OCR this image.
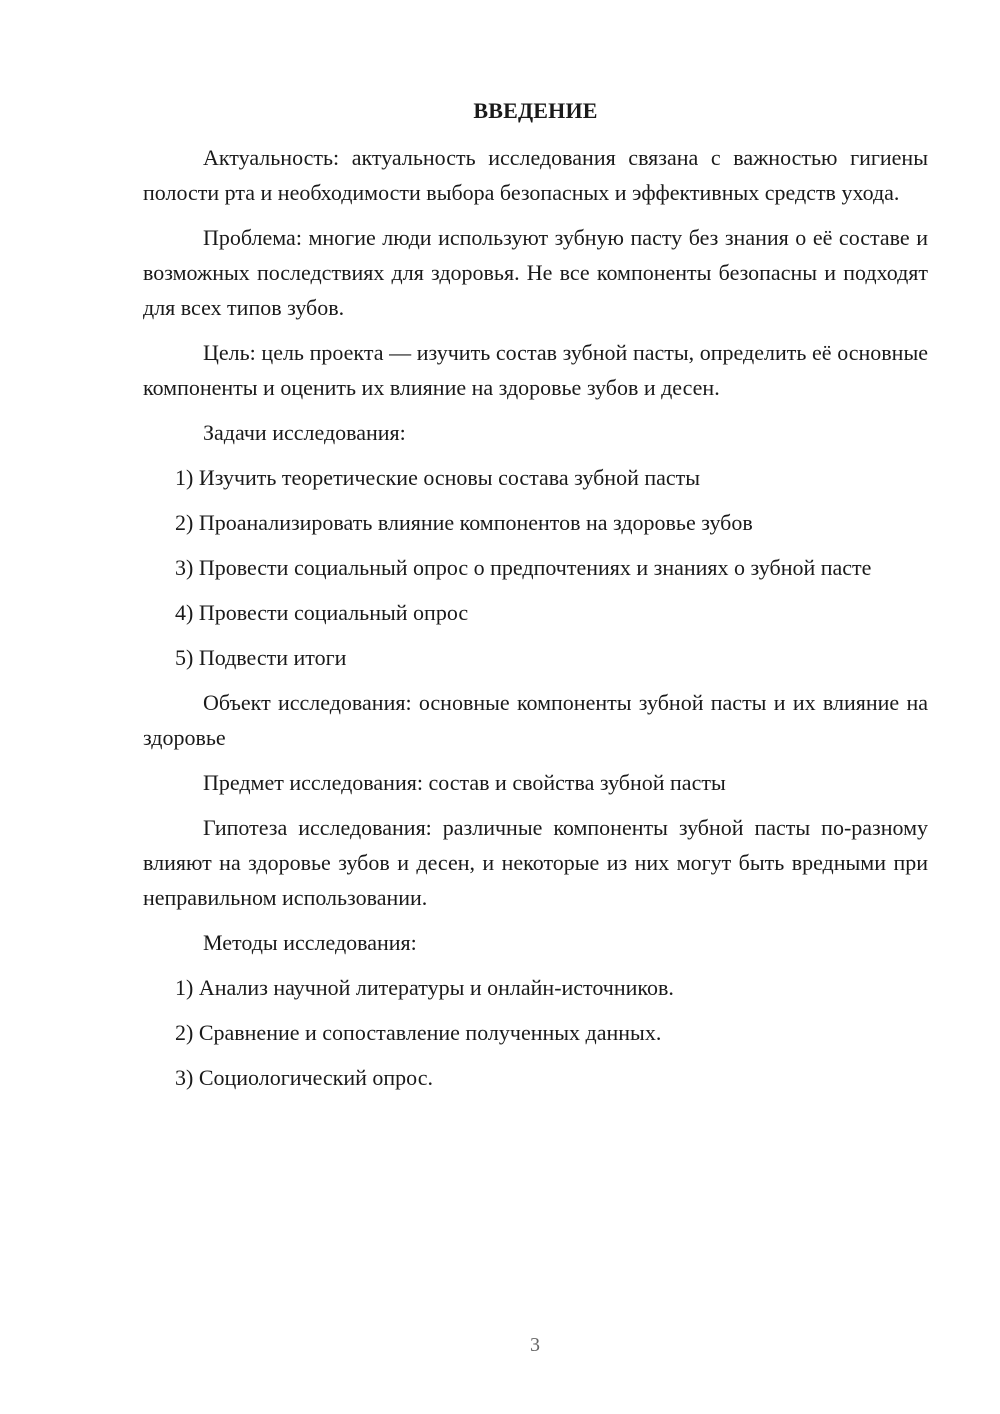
ВВЕДЕНИЕ

Актуальность: актуальность исследования связана с важностью гигиены полости рта и необходимости выбора безопасных и эффективных средств ухода.

Проблема: многие люди используют зубную пасту без знания о её составе и возможных последствиях для здоровья. Не все компоненты безопасны и подходят для всех типов зубов.

Цель: цель проекта — изучить состав зубной пасты, определить её основные компоненты и оценить их влияние на здоровье зубов и десен.

Задачи исследования:

1) Изучить теоретические основы состава зубной пасты

2) Проанализировать влияние компонентов на здоровье зубов

3) Провести социальный опрос о предпочтениях и знаниях о зубной пасте

4) Провести социальный опрос

5) Подвести итоги

Объект исследования: основные компоненты зубной пасты и их влияние на здоровье

Предмет исследования: состав и свойства зубной пасты

Гипотеза исследования: различные компоненты зубной пасты по-разному влияют на здоровье зубов и десен, и некоторые из них могут быть вредными при неправильном использовании.

Методы исследования:

1) Анализ научной литературы и онлайн-источников.

2) Сравнение и сопоставление полученных данных.

3) Социологический опрос.

3
